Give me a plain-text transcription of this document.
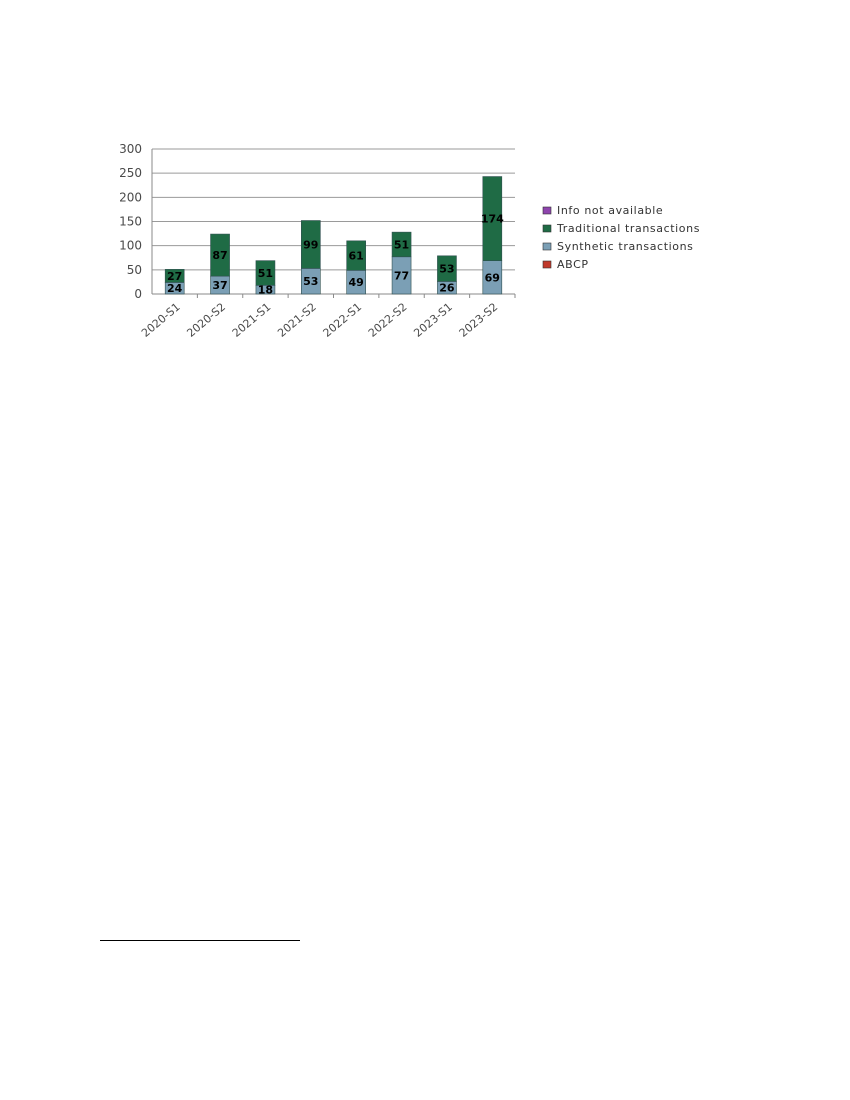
0
50
100
150
200
250
300
2020-S1 2020-S2 2021-S1 2021-S2 2022-S1 2022-S2 2023-S1 2023-S2
24
27
37
87
18
51
53
99
49
61
77
51
26
53
69
174
Info not available
Traditional transactions
Synthetic transactions
ABCP
